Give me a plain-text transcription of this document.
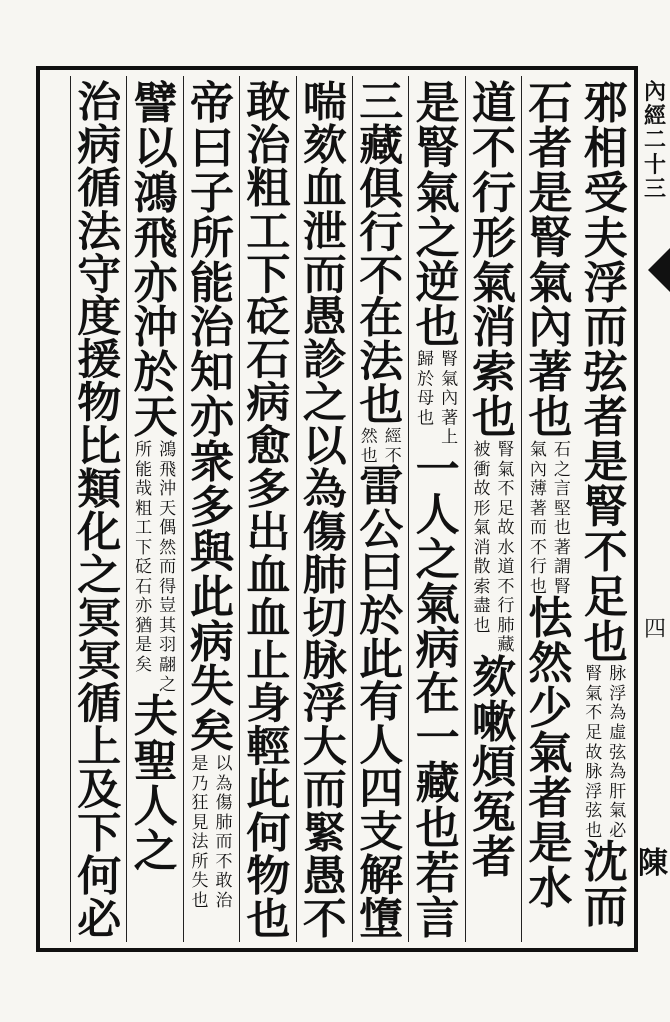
邪
相
受
夫
浮
而
弦
者
是
腎
不
足
也
脉
浮
為
虛
弦
為
肝
氣
必
腎
氣
不
足
故
脉
浮
弦
也
沈
而
石
者
是
腎
氣
內
著
也
石
之
言
堅
也
著
謂
腎
氣
內
薄
著
而
不
行
也
怯
然
少
氣
者
是
水
道
不
行
形
氣
消
索
也
腎
氣
不
足
故
水
道
不
行
肺
藏
被
衝
故
形
氣
消
散
索
盡
也
欬
嗽
煩
冤
者
是
腎
氣
之
逆
也
腎
氣
內
著
上
歸
於
母
也
一
人
之
氣
病
在
一
藏
也
若
言
三
藏
俱
行
不
在
法
也
經
不
然
也
雷
公
曰
於
此
有
人
四
支
解
墯
喘
欬
血
泄
而
愚
診
之
以
為
傷
肺
切
脉
浮
大
而
緊
愚
不
敢
治
粗
工
下
砭
石
病
愈
多
出
血
血
止
身
輕
此
何
物
也
帝
曰
子
所
能
治
知
亦
衆
多
與
此
病
失
矣
以
為
傷
肺
而
不
敢
治
是
乃
狂
見
法
所
失
也
譬
以
鴻
飛
亦
沖
於
天
鴻
飛
沖
天
偶
然
而
得
豈
其
羽
翮
之
所
能
哉
粗
工
下
砭
石
亦
猶
是
矣
夫
聖
人
之
治
病
循
法
守
度
援
物
比
類
化
之
冥
冥
循
上
及
下
何
必
內
經
二
十
三
四
陳
